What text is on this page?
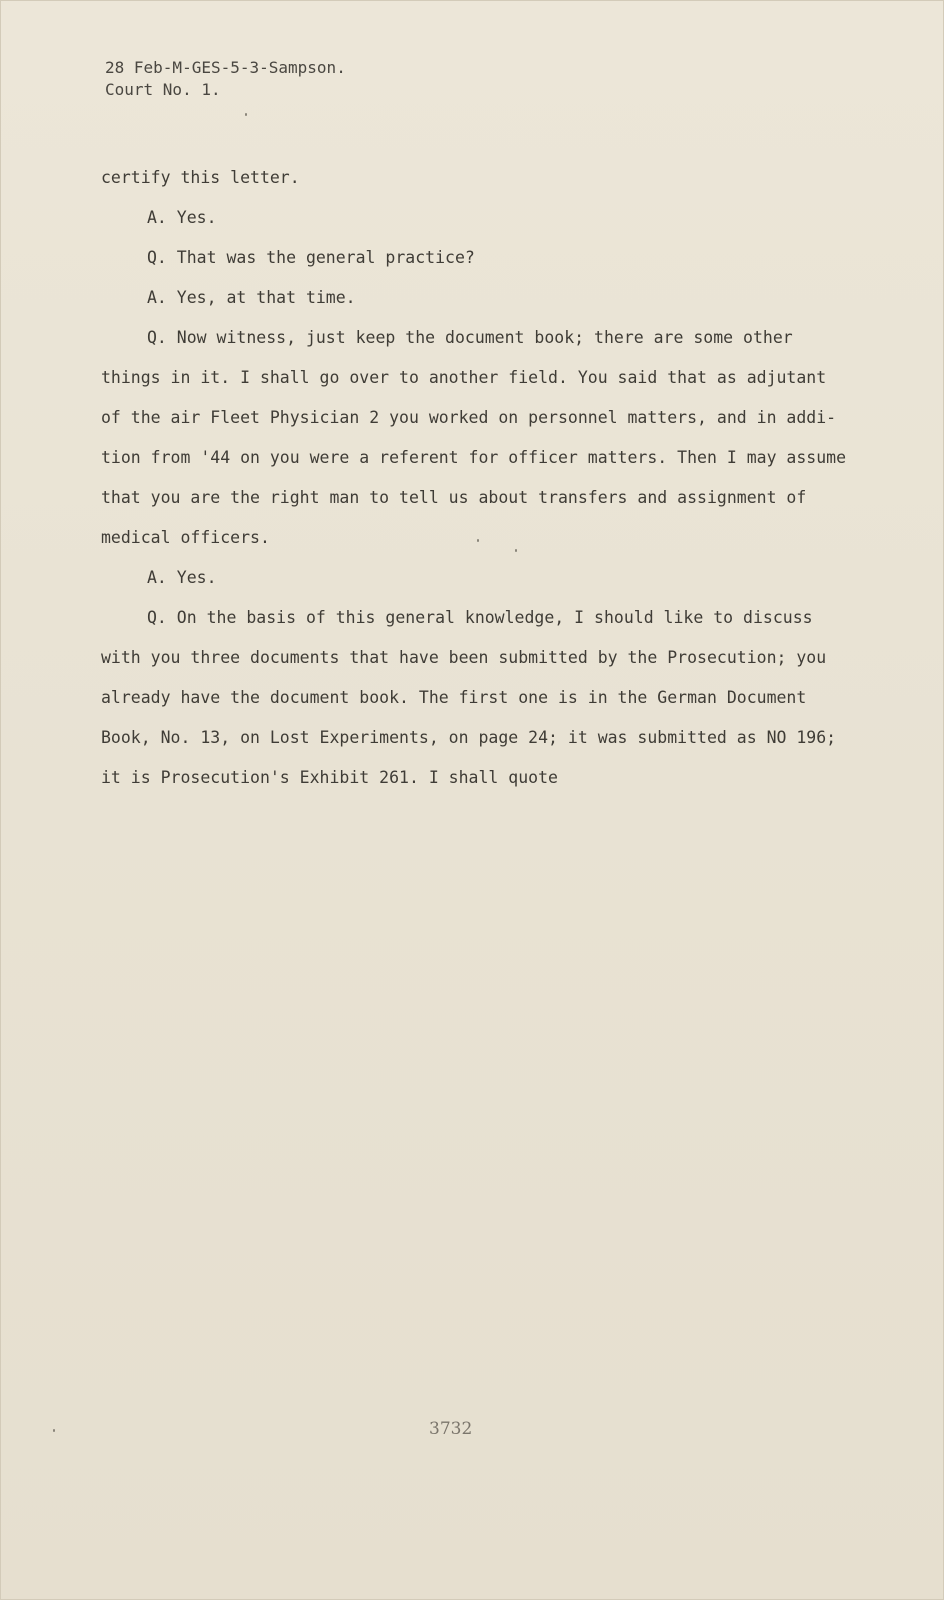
28 Feb-M-GES-5-3-Sampson.
Court No. 1.
certify this letter.
A. Yes.
Q. That was the general practice?
A. Yes, at that time.
Q. Now witness, just keep the document book; there are some other
things in it. I shall go over to another field. You said that as adjutant
of the air Fleet Physician 2 you worked on personnel matters, and in addi-
tion from '44 on you were a referent for officer matters. Then I may assume
that you are the right man to tell us about transfers and assignment of
medical officers.
A. Yes.
Q. On the basis of this general knowledge, I should like to discuss
with you three documents that have been submitted by the Prosecution; you
already have the document book. The first one is in the German Document
Book, No. 13, on Lost Experiments, on page 24; it was submitted as NO 196;
it is Prosecution's Exhibit 261. I shall quote
3732
